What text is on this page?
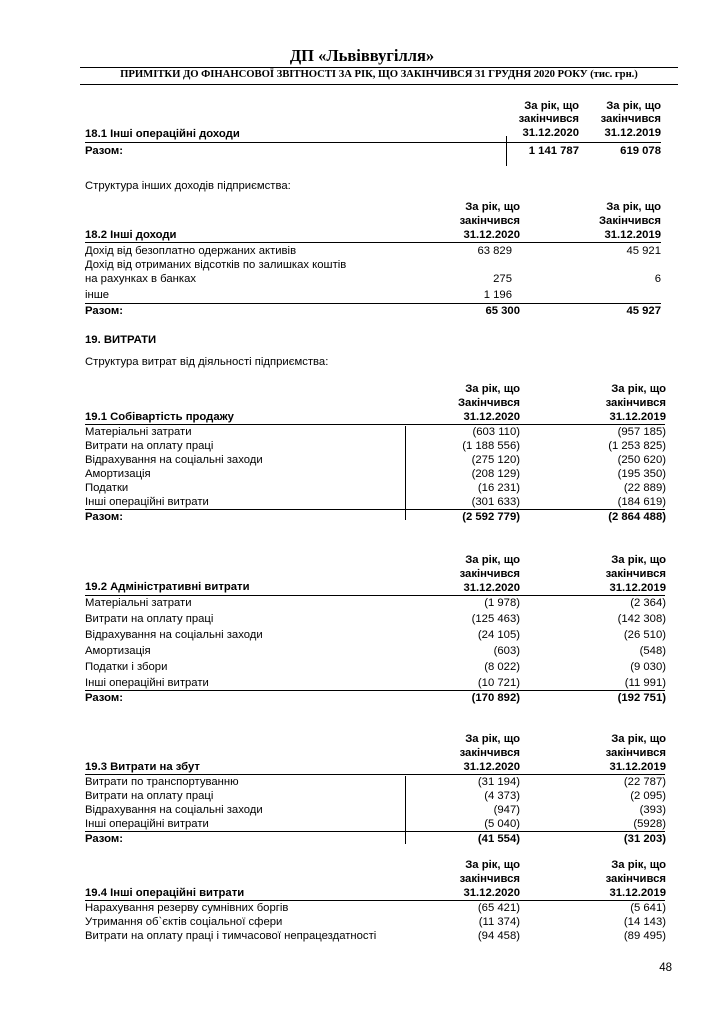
ДП «Львіввугілля»
ПРИМІТКИ ДО ФІНАНСОВОЇ ЗВІТНОСТІ ЗА РІК, ЩО ЗАКІНЧИВСЯ 31 ГРУДНЯ 2020 РОКУ (тис. грн.)
За рік, що
закінчився
31.12.2020
За рік, що
закінчився
31.12.2019
18.1 Інші операційні доходи
Разом:	1 141 787	619 078
Структура інших доходів підприємства:
За рік, що
закінчився
31.12.2020
За рік, що
Закінчився
31.12.2019
18.2 Інші доходи
Дохід від безоплатно одержаних активів	63 829	45 921
Дохід від отриманих відсотків по залишках коштів
на рахунках в банках	275	6
інше	1 196
Разом:	65 300	45 927
19. ВИТРАТИ
Структура витрат від діяльності підприємства:
За рік, що
Закінчився
31.12.2020
За рік, що
закінчився
31.12.2019
19.1 Собівартість продажу
Матеріальні затрати	(603 110)	(957 185)
Витрати на оплату праці	(1 188 556)	(1 253 825)
Відрахування на соціальні заходи	(275 120)	(250 620)
Амортизація	(208 129)	(195 350)
Податки	(16 231)	(22 889)
Інші операційні витрати	(301 633)	(184 619)
Разом:	(2 592 779)	(2 864 488)
За рік, що
закінчився
31.12.2020
За рік, що
закінчився
31.12.2019
19.2 Адміністративні витрати
Матеріальні затрати	(1 978)	(2 364)
Витрати на оплату праці	(125 463)	(142 308)
Відрахування на соціальні заходи	(24 105)	(26 510)
Амортизація	(603)	(548)
Податки і збори	(8 022)	(9 030)
Інші операційні витрати	(10 721)	(11 991)
Разом:	(170 892)	(192 751)
За рік, що
закінчився
31.12.2020
За рік, що
закінчився
31.12.2019
19.3 Витрати на збут
Витрати по транспортуванню	(31 194)	(22 787)
Витрати на оплату праці	(4 373)	(2 095)
Відрахування на соціальні заходи	(947)	(393)
Інші операційні витрати	(5 040)	(5928)
Разом:	(41 554)	(31 203)
За рік, що
закінчився
31.12.2020
За рік, що
закінчився
31.12.2019
19.4 Інші операційні витрати
Нарахування резерву сумнівних боргів	(65 421)	(5 641)
Утримання об`єктів соціальної сфери	(11 374)	(14 143)
Витрати на оплату праці і тимчасової непрацездатності	(94 458)	(89 495)
48
